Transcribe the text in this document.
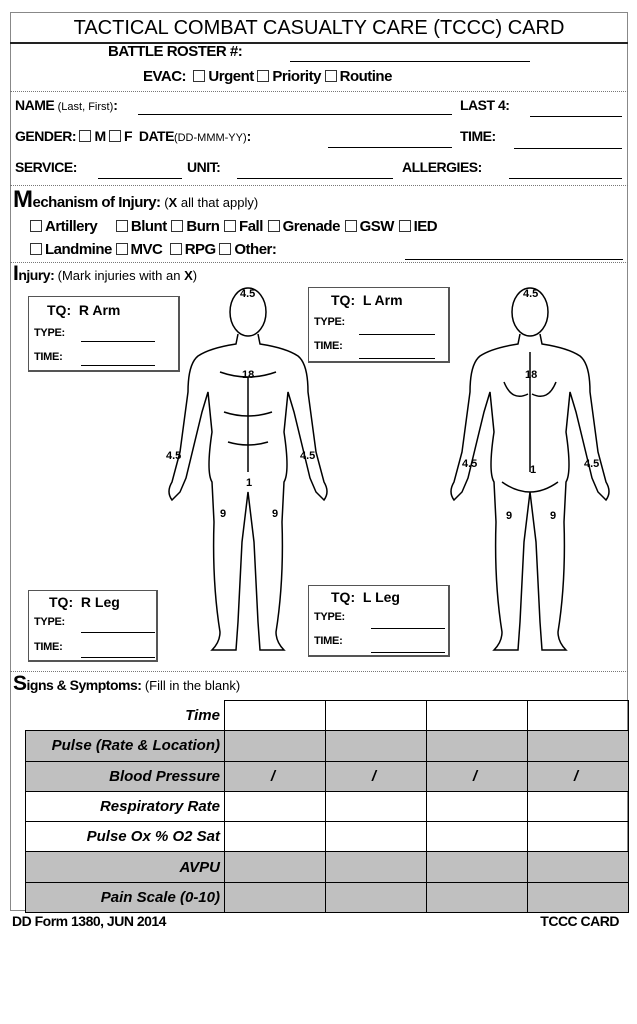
TACTICAL COMBAT CASUALTY CARE (TCCC) CARD
BATTLE ROSTER #:
EVAC: Urgent Priority Routine
NAME (Last, First):	LAST 4:
GENDER: M F DATE(DD-MMM-YY):	TIME:
SERVICE:	UNIT:	ALLERGIES:
Mechanism of Injury: (X all that apply)
Artillery Blunt Burn Fall Grenade GSW IED
Landmine MVC RPG Other:
Injury: (Mark injuries with an X)
4.5
18
4.5	4.5
1
9	9
4.5
18
4.5	4.5
1
9	9
TQ: R Arm
TYPE:
TIME:
TQ: L Arm
TYPE:
TIME:
TQ: R Leg
TYPE:
TIME:
TQ: L Leg
TYPE:
TIME:
Signs & Symptoms: (Fill in the blank)
Time				
Pulse (Rate & Location)				
Blood Pressure	/	/	/	/
Respiratory Rate				
Pulse Ox % O2 Sat				
AVPU				
Pain Scale (0-10)				
DD Form 1380, JUN 2014	TCCC CARD
